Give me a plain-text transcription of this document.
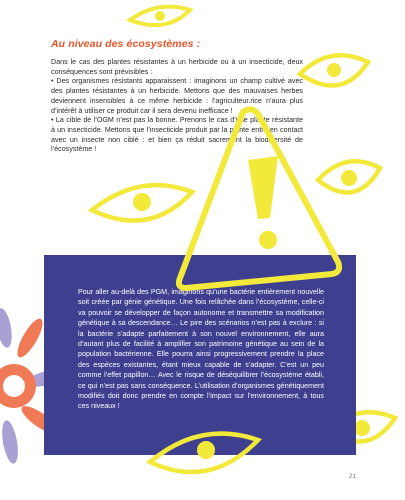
Au niveau des écosystèmes :

Dans le cas des plantes résistantes à un herbicide ou à un insecticide, deux conséquences sont prévisibles :

• Des organismes résistants apparaissent : imaginons un champ cultivé avec des plantes résistantes à un herbicide. Mettons que des mauvaises herbes deviennent insensibles à ce même herbicide : l’agriculteur.rice n’aura plus d’intérêt à utiliser ce produit car il sera devenu inefficace !

• La cible de l’OGM n’est pas la bonne. Prenons le cas d’une plante résistante à un insecticide. Mettons que l’insecticide produit par la plante entre en contact avec un insecte non ciblé : et bien ça réduit sacrement la biodiversité de l’écosystème !

Pour aller au-delà des PGM, imaginons qu’une bactérie entièrement nouvelle soit créée par génie génétique. Une fois relâchée dans l’écosystème, celle-ci va pouvoir se développer de façon autonome et transmettre sa modification génétique à sa descendance… Le pire des scénarios n’est pas à exclure : si la bactérie s’adapte parfaitement à son nouvel environnement, elle aura d’autant plus de facilité à amplifier son patrimoine génétique au sein de la population bactérienne. Elle pourra ainsi progressivement prendre la place des espèces existantes, étant mieux capable de s’adapter. C’est un peu comme l’effet papillon… Avec le risque de déséquilibrer l’écosystème établi, ce qui n’est pas sans conséquence. L’utilisation d’organismes génétiquement modifiés doit donc prendre en compte l’impact sur l’environnement, à tous ces niveaux !

21
